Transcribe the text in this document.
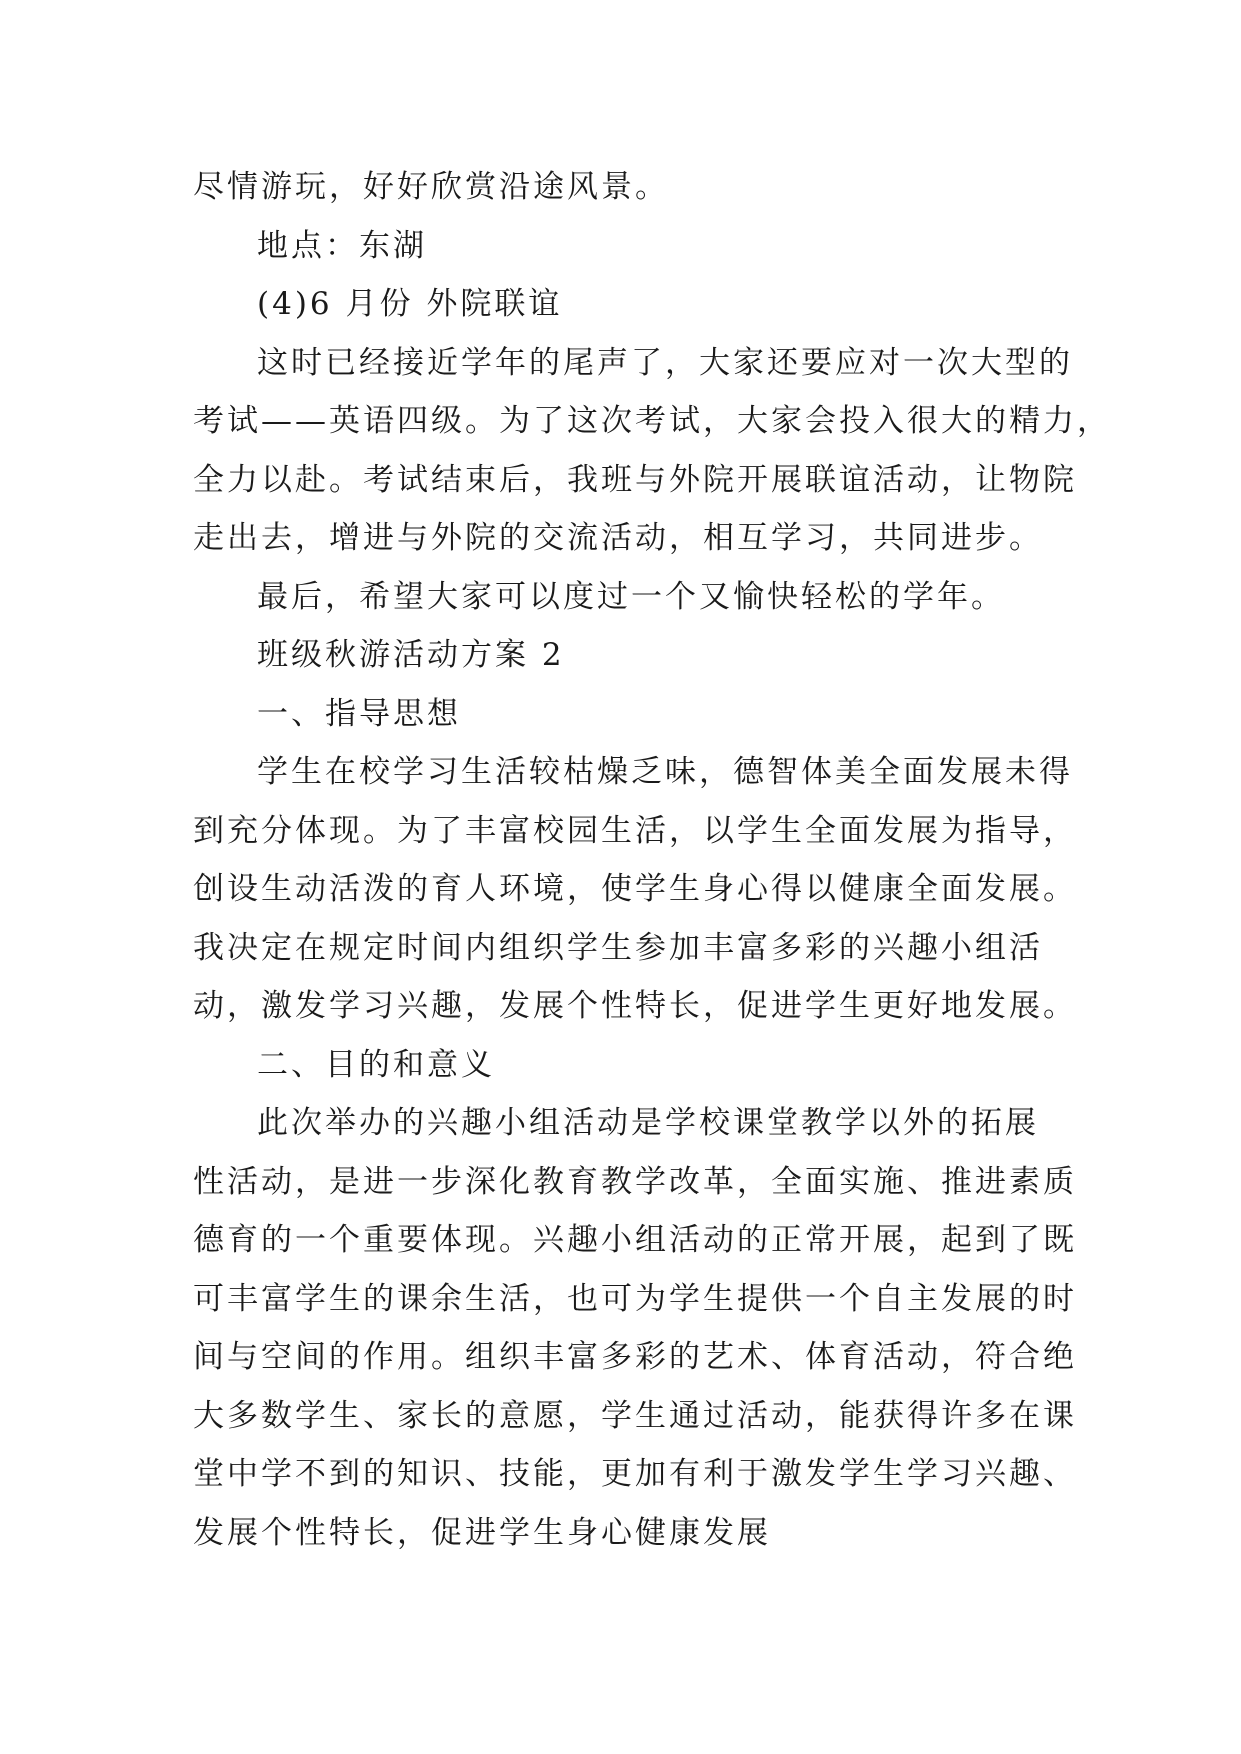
尽情游玩，好好欣赏沿途风景。

地点：东湖

(4)6 月份 外院联谊

这时已经接近学年的尾声了，大家还要应对一次大型的

考试——英语四级。为了这次考试，大家会投入很大的精力，

全力以赴。考试结束后，我班与外院开展联谊活动，让物院

走出去，增进与外院的交流活动，相互学习，共同进步。

最后，希望大家可以度过一个又愉快轻松的学年。

班级秋游活动方案 2

一、指导思想

学生在校学习生活较枯燥乏味，德智体美全面发展未得

到充分体现。为了丰富校园生活，以学生全面发展为指导，

创设生动活泼的育人环境，使学生身心得以健康全面发展。

我决定在规定时间内组织学生参加丰富多彩的兴趣小组活

动，激发学习兴趣，发展个性特长，促进学生更好地发展。

二、目的和意义

此次举办的兴趣小组活动是学校课堂教学以外的拓展

性活动，是进一步深化教育教学改革，全面实施、推进素质

德育的一个重要体现。兴趣小组活动的正常开展，起到了既

可丰富学生的课余生活，也可为学生提供一个自主发展的时

间与空间的作用。组织丰富多彩的艺术、体育活动，符合绝

大多数学生、家长的意愿，学生通过活动，能获得许多在课

堂中学不到的知识、技能，更加有利于激发学生学习兴趣、

发展个性特长，促进学生身心健康发展
